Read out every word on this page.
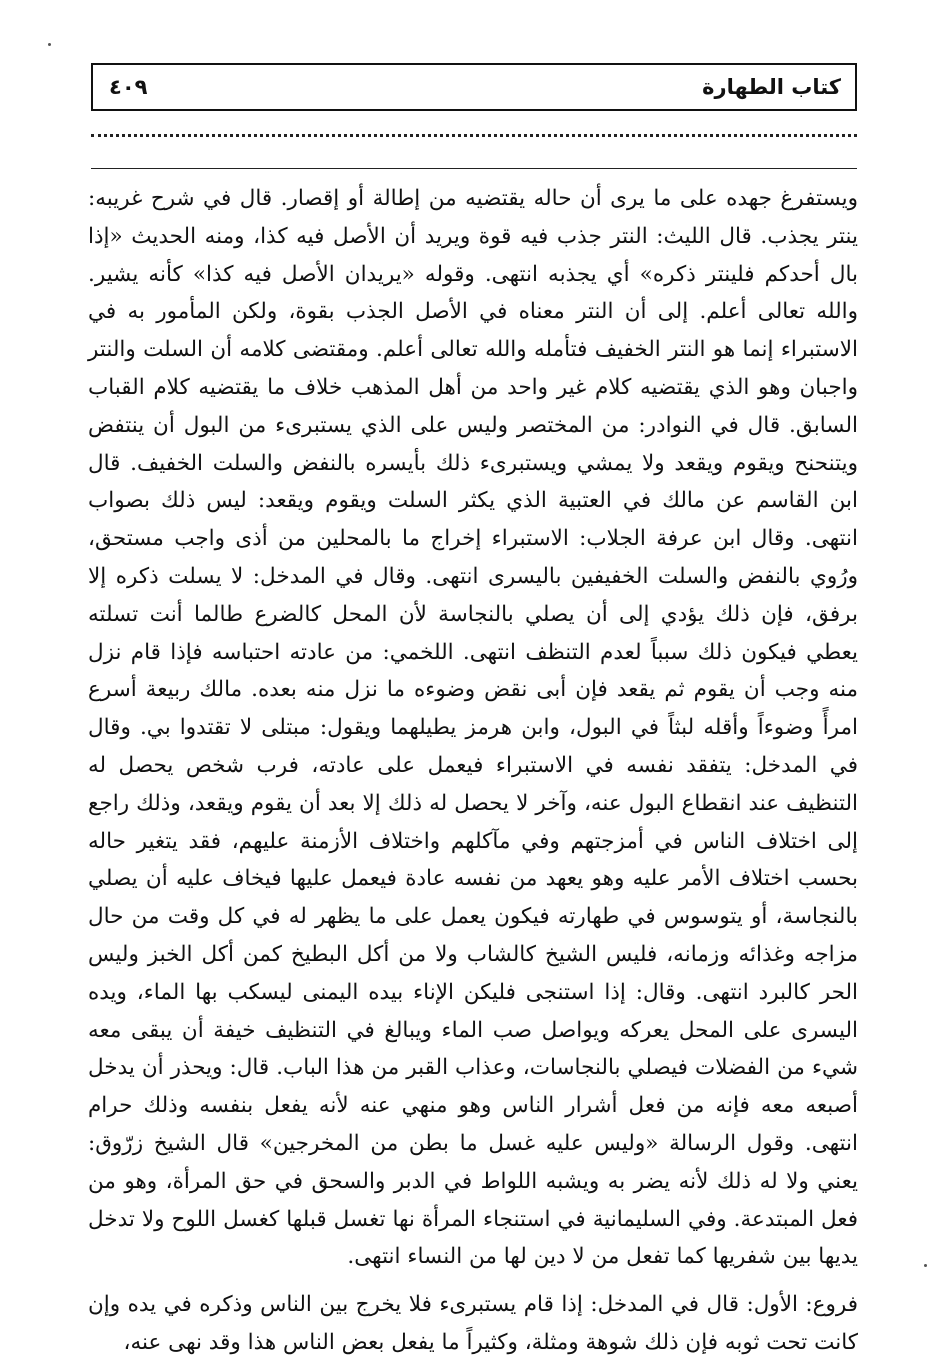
كتاب الطهارة
٤٠٩

ويستفرغ جهده على ما يرى أن حاله يقتضيه من إطالة أو إقصار. قال في شرح غريبه: ينتر يجذب. قال الليث: النتر جذب فيه قوة ويريد أن الأصل فيه كذا، ومنه الحديث «إذا بال أحدكم فلينتر ذكره» أي يجذبه انتهى. وقوله «يريدان الأصل فيه كذا» كأنه يشير. والله تعالى أعلم. إلى أن النتر معناه في الأصل الجذب بقوة، ولكن المأمور به في الاستبراء إنما هو النتر الخفيف فتأمله والله تعالى أعلم. ومقتضى كلامه أن السلت والنتر واجبان وهو الذي يقتضيه كلام غير واحد من أهل المذهب خلاف ما يقتضيه كلام القباب السابق. قال في النوادر: من المختصر وليس على الذي يستبرىء من البول أن ينتفض ويتنحنح ويقوم ويقعد ولا يمشي ويستبرىء ذلك بأيسره بالنفض والسلت الخفيف. قال ابن القاسم عن مالك في العتبية الذي يكثر السلت ويقوم ويقعد: ليس ذلك بصواب انتهى. وقال ابن عرفة الجلاب: الاستبراء إخراج ما بالمحلين من أذى واجب مستحق، ورُوي بالنفض والسلت الخفيفين باليسرى انتهى. وقال في المدخل: لا يسلت ذكره إلا برفق، فإن ذلك يؤدي إلى أن يصلي بالنجاسة لأن المحل كالضرع طالما أنت تسلته يعطي فيكون ذلك سبباً لعدم التنظف انتهى. اللخمي: من عادته احتباسه فإذا قام نزل منه وجب أن يقوم ثم يقعد فإن أبى نقض وضوءه ما نزل منه بعده. مالك ربيعة أسرع امرأً وضوءاً وأقله لبثاً في البول، وابن هرمز يطيلهما ويقول: مبتلى لا تقتدوا بي. وقال في المدخل: يتفقد نفسه في الاستبراء فيعمل على عادته، فرب شخص يحصل له التنظيف عند انقطاع البول عنه، وآخر لا يحصل له ذلك إلا بعد أن يقوم ويقعد، وذلك راجع إلى اختلاف الناس في أمزجتهم وفي مآكلهم واختلاف الأزمنة عليهم، فقد يتغير حاله بحسب اختلاف الأمر عليه وهو يعهد من نفسه عادة فيعمل عليها فيخاف عليه أن يصلي بالنجاسة، أو يتوسوس في طهارته فيكون يعمل على ما يظهر له في كل وقت من حال مزاجه وغذائه وزمانه، فليس الشيخ كالشاب ولا من أكل البطيخ كمن أكل الخبز وليس الحر كالبرد انتهى. وقال: إذا استنجى فليكن الإناء بيده اليمنى ليسكب بها الماء، ويده اليسرى على المحل يعركه ويواصل صب الماء ويبالغ في التنظيف خيفة أن يبقى معه شيء من الفضلات فيصلي بالنجاسات، وعذاب القبر من هذا الباب. قال: ويحذر أن يدخل أصبعه معه فإنه من فعل أشرار الناس وهو منهي عنه لأنه يفعل بنفسه وذلك حرام انتهى. وقول الرسالة «وليس عليه غسل ما بطن من المخرجين» قال الشيخ زرّوق: يعني ولا له ذلك لأنه يضر به ويشبه اللواط في الدبر والسحق في حق المرأة، وهو من فعل المبتدعة. وفي السليمانية في استنجاء المرأة نها تغسل قبلها كغسل اللوح ولا تدخل يديها بين شفريها كما تفعل من لا دين لها من النساء انتهى.

فروع: الأول: قال في المدخل: إذا قام يستبرىء فلا يخرج بين الناس وذكره في يده وإن كانت تحت ثوبه فإن ذلك شوهة ومثلة، وكثيراً ما يفعل بعض الناس هذا وقد نهى عنه،
